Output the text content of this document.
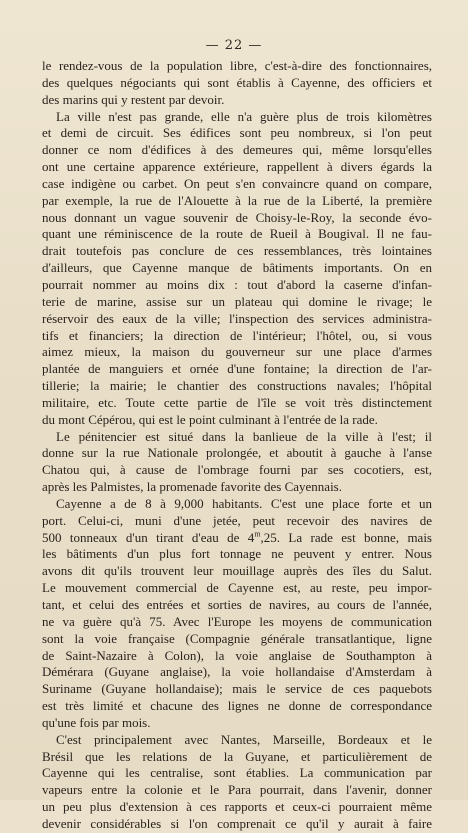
— 22 —
le rendez-vous de la population libre, c'est-à-dire des fonctionnaires,
des quelques négociants qui sont établis à Cayenne, des officiers et
des marins qui y restent par devoir.
La ville n'est pas grande, elle n'a guère plus de trois kilomètres
et demi de circuit. Ses édifices sont peu nombreux, si l'on peut
donner ce nom d'édifices à des demeures qui, même lorsqu'elles
ont une certaine apparence extérieure, rappellent à divers égards la
case indigène ou carbet. On peut s'en convaincre quand on compare,
par exemple, la rue de l'Alouette à la rue de la Liberté, la première
nous donnant un vague souvenir de Choisy-le-Roy, la seconde évo-
quant une réminiscence de la route de Rueil à Bougival. Il ne fau-
drait toutefois pas conclure de ces ressemblances, très lointaines
d'ailleurs, que Cayenne manque de bâtiments importants. On en
pourrait nommer au moins dix : tout d'abord la caserne d'infan-
terie de marine, assise sur un plateau qui domine le rivage; le
réservoir des eaux de la ville; l'inspection des services administra-
tifs et financiers; la direction de l'intérieur; l'hôtel, ou, si vous
aimez mieux, la maison du gouverneur sur une place d'armes
plantée de manguiers et ornée d'une fontaine; la direction de l'ar-
tillerie; la mairie; le chantier des constructions navales; l'hôpital
militaire, etc. Toute cette partie de l'île se voit très distinctement
du mont Cépérou, qui est le point culminant à l'entrée de la rade.
Le pénitencier est situé dans la banlieue de la ville à l'est; il
donne sur la rue Nationale prolongée, et aboutit à gauche à l'anse
Chatou qui, à cause de l'ombrage fourni par ses cocotiers, est,
après les Palmistes, la promenade favorite des Cayennais.
Cayenne a de 8 à 9,000 habitants. C'est une place forte et un
port. Celui-ci, muni d'une jetée, peut recevoir des navires de
500 tonneaux d'un tirant d'eau de 4$^m$,25. La rade est bonne, mais
les bâtiments d'un plus fort tonnage ne peuvent y entrer. Nous
avons dit qu'ils trouvent leur mouillage auprès des îles du Salut.
Le mouvement commercial de Cayenne est, au reste, peu impor-
tant, et celui des entrées et sorties de navires, au cours de l'année,
ne va guère qu'à 75. Avec l'Europe les moyens de communication
sont la voie française (Compagnie générale transatlantique, ligne
de Saint-Nazaire à Colon), la voie anglaise de Southampton à
Démérara (Guyane anglaise), la voie hollandaise d'Amsterdam à
Suriname (Guyane hollandaise); mais le service de ces paquebots
est très limité et chacune des lignes ne donne de correspondance
qu'une fois par mois.
C'est principalement avec Nantes, Marseille, Bordeaux et le
Brésil que les relations de la Guyane, et particulièrement de
Cayenne qui les centralise, sont établies. La communication par
vapeurs entre la colonie et le Para pourrait, dans l'avenir, donner
un peu plus d'extension à ces rapports et ceux-ci pourraient même
devenir considérables si l'on comprenait ce qu'il y aurait à faire
